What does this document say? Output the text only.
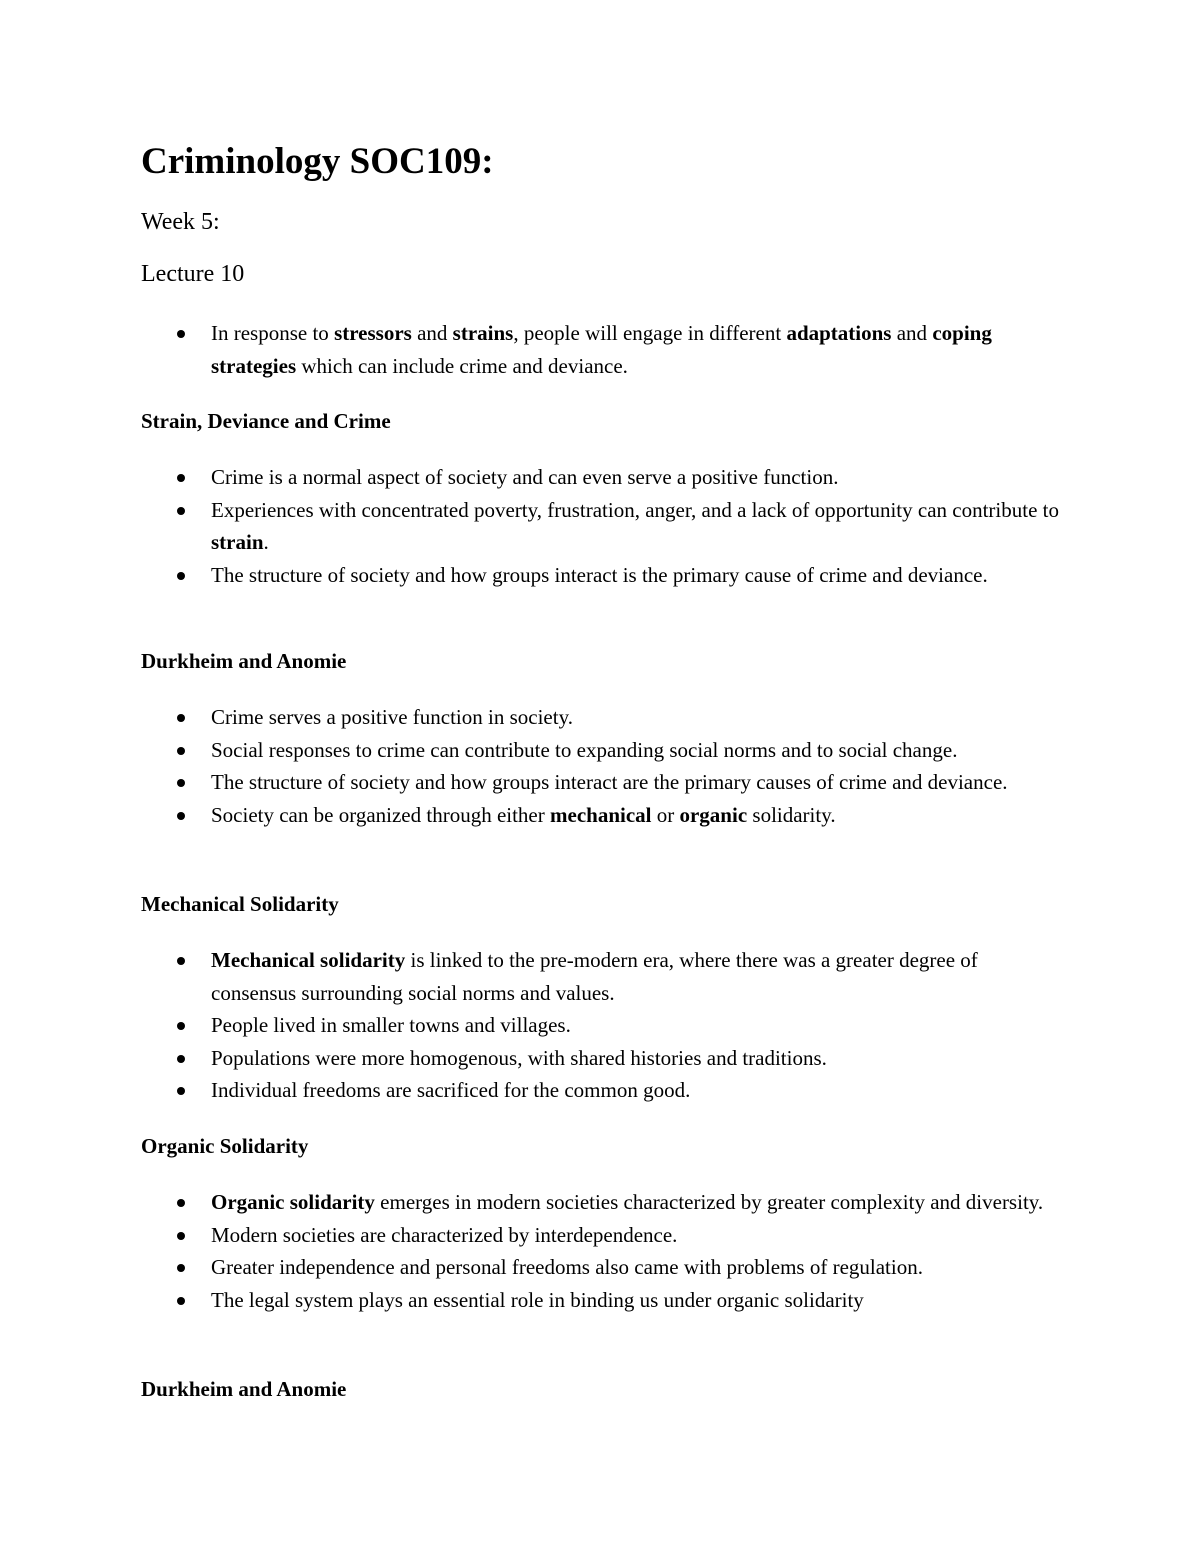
Criminology SOC109:

Week 5:

Lecture 10

In response to stressors and strains, people will engage in different adaptations and coping strategies which can include crime and deviance.
Strain, Deviance and Crime
Crime is a normal aspect of society and can even serve a positive function.
Experiences with concentrated poverty, frustration, anger, and a lack of opportunity can contribute to strain.
The structure of society and how groups interact is the primary cause of crime and deviance.
Durkheim and Anomie
Crime serves a positive function in society.
Social responses to crime can contribute to expanding social norms and to social change.
The structure of society and how groups interact are the primary causes of crime and deviance.
Society can be organized through either mechanical or organic solidarity.
Mechanical Solidarity
Mechanical solidarity is linked to the pre-modern era, where there was a greater degree of consensus surrounding social norms and values.
People lived in smaller towns and villages.
Populations were more homogenous, with shared histories and traditions.
Individual freedoms are sacrificed for the common good.
Organic Solidarity
Organic solidarity emerges in modern societies characterized by greater complexity and diversity.
Modern societies are characterized by interdependence.
Greater independence and personal freedoms also came with problems of regulation.
The legal system plays an essential role in binding us under organic solidarity
Durkheim and Anomie
